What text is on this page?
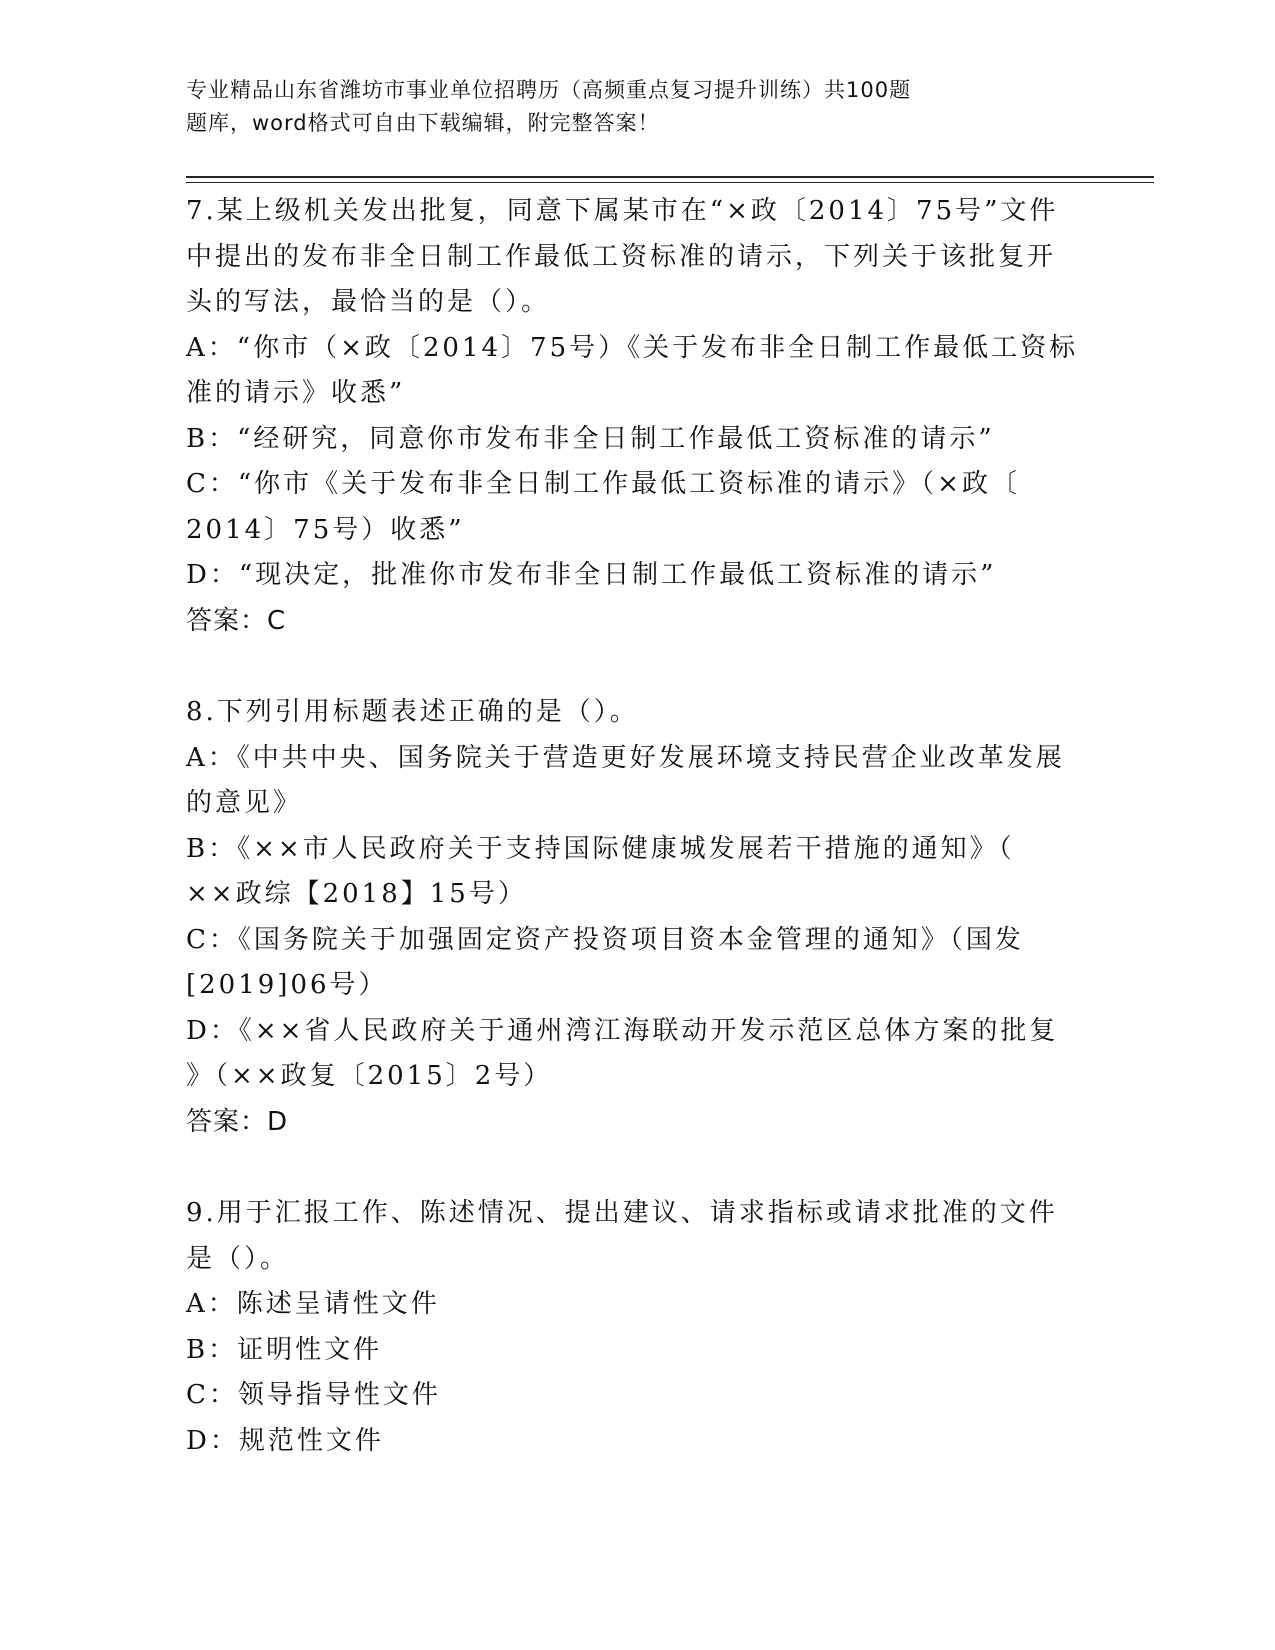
专业精品山东省潍坊市事业单位招聘历（高频重点复习提升训练）共100题
题库，word格式可自由下载编辑，附完整答案！
7.某上级机关发出批复，同意下属某市在“×政〔2014〕75号”文件
中提出的发布非全日制工作最低工资标准的请示，下列关于该批复开
头的写法，最恰当的是（）。
A：“你市（×政〔2014〕75号）《关于发布非全日制工作最低工资标
准的请示》收悉”
B：“经研究，同意你市发布非全日制工作最低工资标准的请示”
C：“你市《关于发布非全日制工作最低工资标准的请示》（×政〔
2014〕75号）收悉”
D：“现决定，批准你市发布非全日制工作最低工资标准的请示”
答案：C
8.下列引用标题表述正确的是（）。
A：《中共中央、国务院关于营造更好发展环境支持民营企业改革发展
的意见》
B：《××市人民政府关于支持国际健康城发展若干措施的通知》（
××政综【2018】15号）
C：《国务院关于加强固定资产投资项目资本金管理的通知》（国发
[2019]06号）
D：《××省人民政府关于通州湾江海联动开发示范区总体方案的批复
》（××政复〔2015〕2号）
答案：D
9.用于汇报工作、陈述情况、提出建议、请求指标或请求批准的文件
是（）。
A：陈述呈请性文件
B：证明性文件
C：领导指导性文件
D：规范性文件
